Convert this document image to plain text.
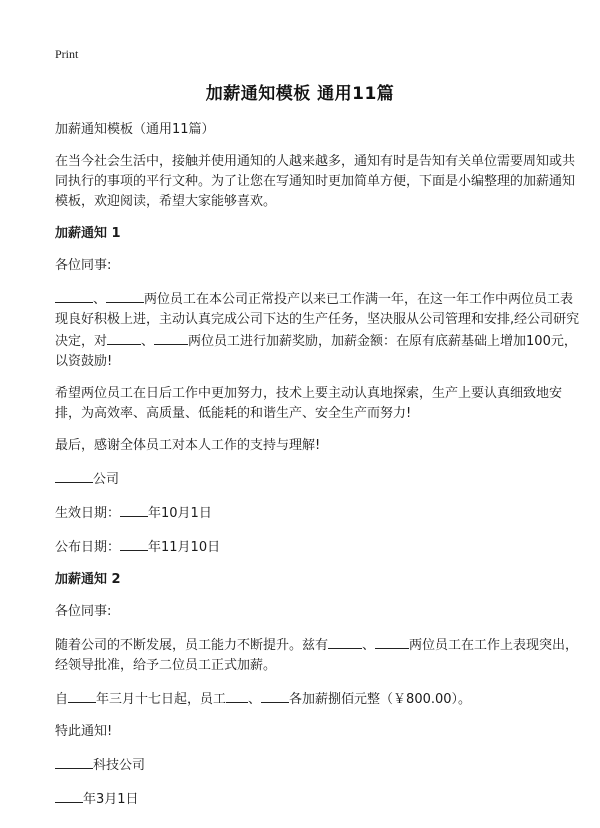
Print
加薪通知模板 通用11篇

加薪通知模板（通用11篇）

在当今社会生活中，接触并使用通知的人越来越多，通知有时是告知有关单位需要周知或共同执行的事项的平行文种。为了让您在写通知时更加简单方便，下面是小编整理的加薪通知模板，欢迎阅读，希望大家能够喜欢。

加薪通知 1

各位同事:

、	两位员工在本公司正常投产以来已工作满一年，在这一年工作中两位员工表现良好积极上进，主动认真完成公司下达的生产任务，坚决服从公司管理和安排,经公司研究决定，对	、	两位员工进行加薪奖励，加薪金额：在原有底薪基础上增加100元，以资鼓励!

希望两位员工在日后工作中更加努力，技术上要主动认真地探索，生产上要认真细致地安排，为高效率、高质量、低能耗的和谐生产、安全生产而努力!

最后，感谢全体员工对本人工作的支持与理解!

公司

生效日期： 年10月1日

公布日期： 年11月10日

加薪通知 2

各位同事:

随着公司的不断发展，员工能力不断提升。兹有	、	两位员工在工作上表现突出，经领导批准，给予二位员工正式加薪。

自 年三月十七日起，员工 、 各加薪捌佰元整（￥800.00）。

特此通知!

科技公司

年3月1日
